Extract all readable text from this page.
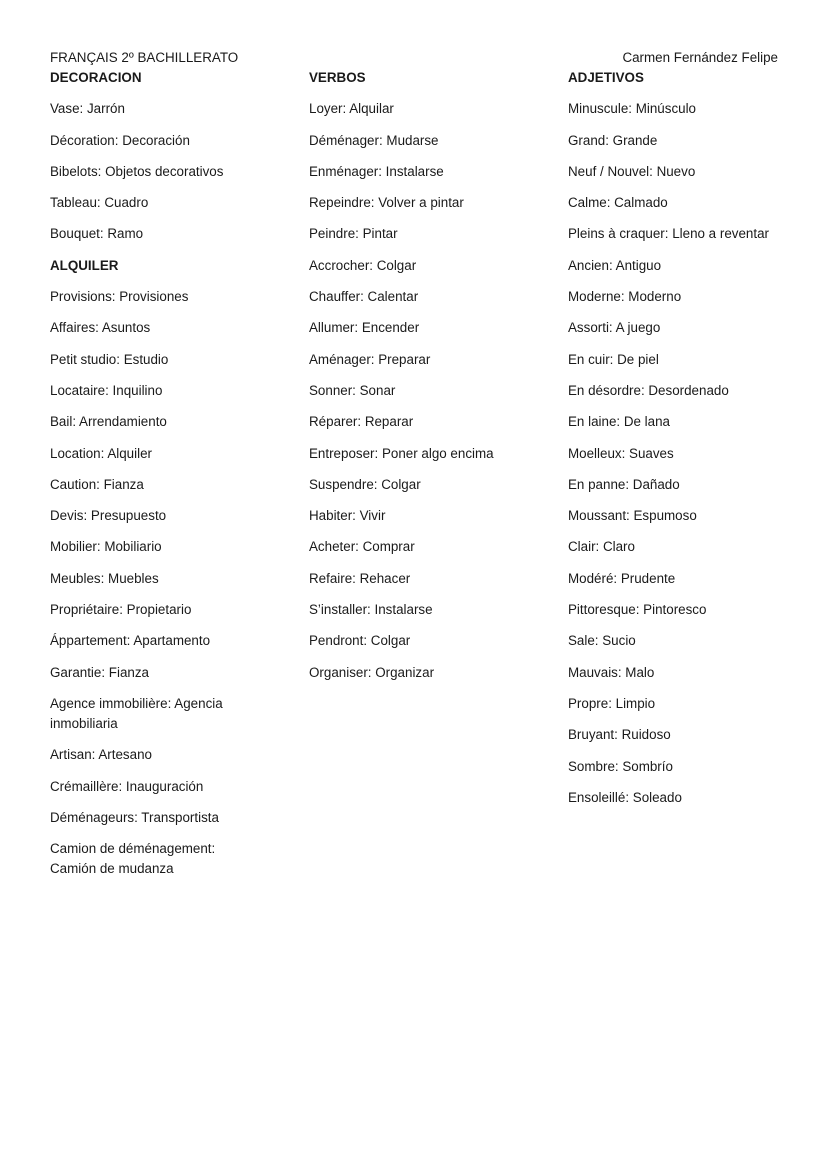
FRANÇAIS 2º BACHILLERATO	Carmen Fernández Felipe
DECORACION
Vase: Jarrón
Décoration: Decoración
Bibelots: Objetos decorativos
Tableau: Cuadro
Bouquet: Ramo
ALQUILER
Provisions: Provisiones
Affaires: Asuntos
Petit studio: Estudio
Locataire: Inquilino
Bail: Arrendamiento
Location: Alquiler
Caution: Fianza
Devis: Presupuesto
Mobilier: Mobiliario
Meubles: Muebles
Propriétaire: Propietario
Áppartement: Apartamento
Garantie: Fianza
Agence immobilière: Agencia inmobiliaria
Artisan: Artesano
Crémaillère: Inauguración
Déménageurs: Transportista
Camion de déménagement: Camión de mudanza
VERBOS
Loyer: Alquilar
Déménager: Mudarse
Enménager: Instalarse
Repeindre: Volver a pintar
Peindre: Pintar
Accrocher: Colgar
Chauffer: Calentar
Allumer: Encender
Aménager: Preparar
Sonner: Sonar
Réparer: Reparar
Entreposer: Poner algo encima
Suspendre: Colgar
Habiter: Vivir
Acheter: Comprar
Refaire: Rehacer
S’installer: Instalarse
Pendront: Colgar
Organiser: Organizar
ADJETIVOS
Minuscule: Minúsculo
Grand: Grande
Neuf / Nouvel: Nuevo
Calme: Calmado
Pleins à craquer: Lleno a reventar
Ancien: Antiguo
Moderne: Moderno
Assorti: A juego
En cuir: De piel
En désordre: Desordenado
En laine: De lana
Moelleux: Suaves
En panne: Dañado
Moussant: Espumoso
Clair: Claro
Modéré: Prudente
Pittoresque: Pintoresco
Sale: Sucio
Mauvais: Malo
Propre: Limpio
Bruyant: Ruidoso
Sombre: Sombrío
Ensoleillé: Soleado
